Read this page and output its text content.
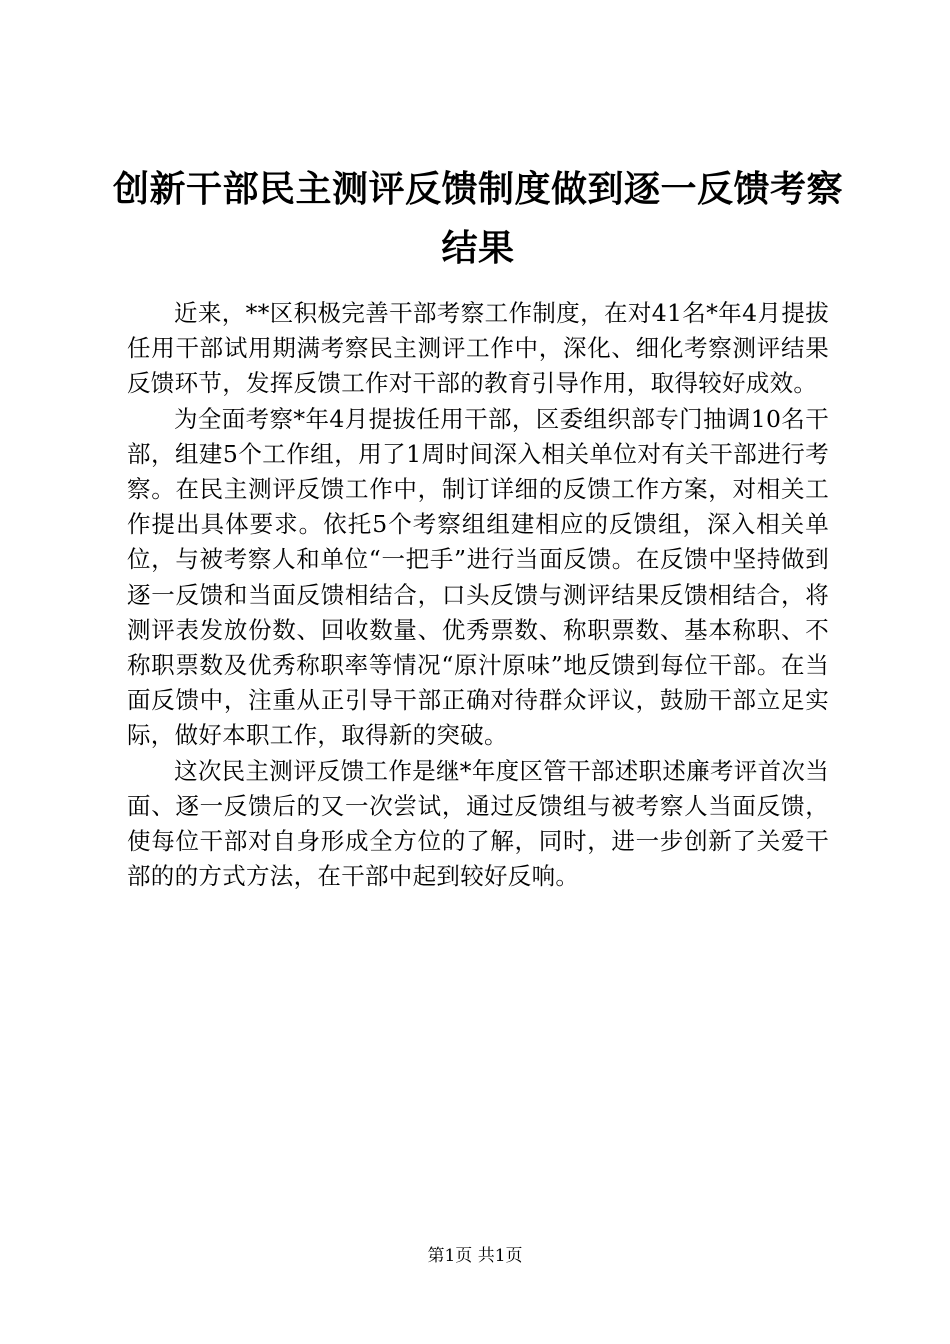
创新干部民主测评反馈制度做到逐一反馈考察结果

近来，**区积极完善干部考察工作制度，在对41名*年4月提拔任用干部试用期满考察民主测评工作中，深化、细化考察测评结果反馈环节，发挥反馈工作对干部的教育引导作用，取得较好成效。

为全面考察*年4月提拔任用干部，区委组织部专门抽调10名干部，组建5个工作组，用了1周时间深入相关单位对有关干部进行考察。在民主测评反馈工作中，制订详细的反馈工作方案，对相关工作提出具体要求。依托5个考察组组建相应的反馈组，深入相关单位，与被考察人和单位“一把手”进行当面反馈。在反馈中坚持做到逐一反馈和当面反馈相结合，口头反馈与测评结果反馈相结合，将测评表发放份数、回收数量、优秀票数、称职票数、基本称职、不称职票数及优秀称职率等情况“原汁原味”地反馈到每位干部。在当面反馈中，注重从正引导干部正确对待群众评议，鼓励干部立足实际，做好本职工作，取得新的突破。

这次民主测评反馈工作是继*年度区管干部述职述廉考评首次当面、逐一反馈后的又一次尝试，通过反馈组与被考察人当面反馈，使每位干部对自身形成全方位的了解，同时，进一步创新了关爱干部的的方式方法，在干部中起到较好反响。

第1页 共1页
